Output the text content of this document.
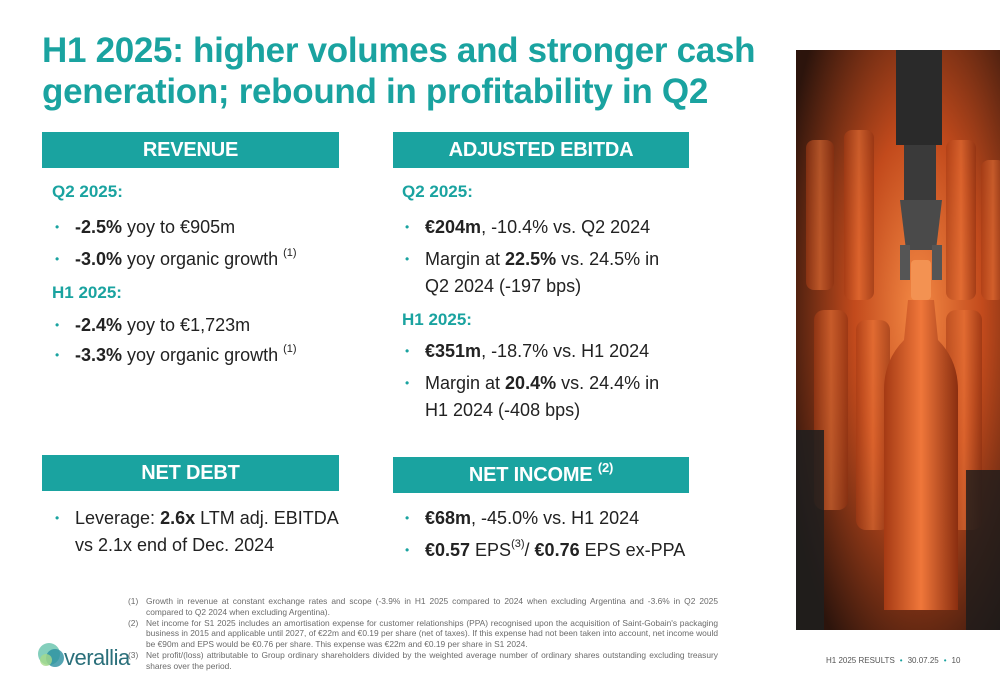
H1 2025: higher volumes and stronger cash
generation; rebound in profitability in Q2
REVENUE
Q2 2025:
• -2.5% yoy to €905m
• -3.0% yoy organic growth $^{(1)}$
H1 2025:
• -2.4% yoy to €1,723m
• -3.3% yoy organic growth $^{(1)}$
ADJUSTED EBITDA
Q2 2025:
• €204m, -10.4% vs. Q2 2024
• Margin at 22.5% vs. 24.5% in
Q2 2024 (-197 bps)
H1 2025:
• €351m, -18.7% vs. H1 2024
• Margin at 20.4% vs. 24.4% in
H1 2024 (-408 bps)
NET DEBT
• Leverage: 2.6x LTM adj. EBITDA
vs 2.1x end of Dec. 2024
NET INCOME $^{(2)}$
• €68m, -45.0% vs. H1 2024
• €0.57 EPS$^{(3)}$/ €0.76 EPS ex-PPA
(1) Growth in revenue at constant exchange rates and scope (-3.9% in H1 2025 compared to 2024 when excluding Argentina and -3.6% in Q2 2025 compared to Q2 2024 when excluding Argentina).
(2) Net income for S1 2025 includes an amortisation expense for customer relationships (PPA) recognised upon the acquisition of Saint-Gobain's packaging business in 2015 and applicable until 2027, of €22m and €0.19 per share (net of taxes). If this expense had not been taken into account, net income would be €90m and EPS would be €0.76 per share. This expense was €22m and €0.19 per share in S1 2024.
(3) Net profit/(loss) attributable to Group ordinary shareholders divided by the weighted average number of ordinary shares outstanding excluding treasury shares over the period.
verallia	H1 2025 RESULTS • 30.07.25 • 10
